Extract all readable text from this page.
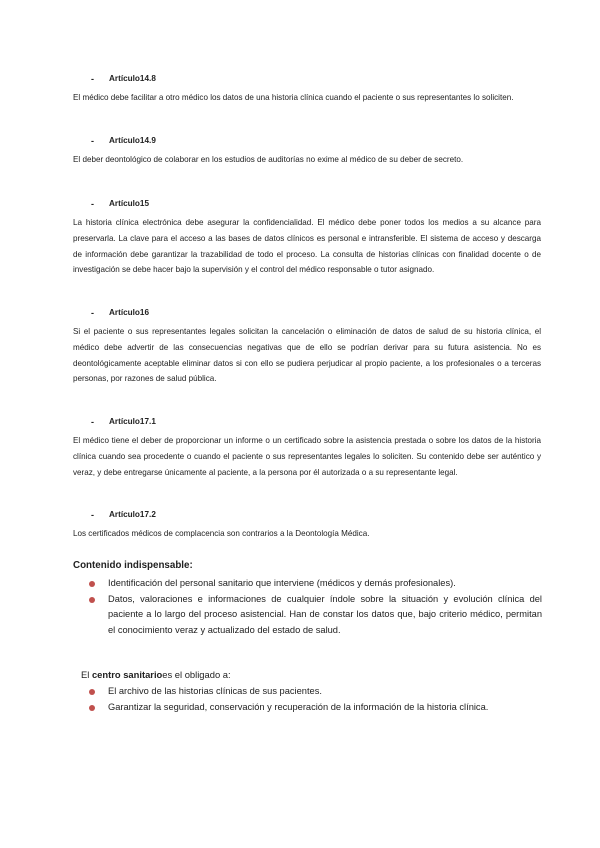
- Artículo14.8

El médico debe facilitar a otro médico los datos de una historia clínica cuando el paciente o sus representantes lo soliciten.

- Artículo14.9

El deber deontológico de colaborar en los estudios de auditorías no exime al médico de su deber de secreto.

- Artículo15

La historia clínica electrónica debe asegurar la confidencialidad. El médico debe poner todos los medios a su alcance para preservarla. La clave para el acceso a las bases de datos clínicos es personal e intransferible. El sistema de acceso y descarga de información debe garantizar la trazabilidad de todo el proceso. La consulta de historias clínicas con finalidad docente o de investigación se debe hacer bajo la supervisión y el control del médico responsable o tutor asignado.

- Artículo16

Si el paciente o sus representantes legales solicitan la cancelación o eliminación de datos de salud de su historia clínica, el médico debe advertir de las consecuencias negativas que de ello se podrían derivar para su futura asistencia. No es deontológicamente aceptable eliminar datos si con ello se pudiera perjudicar al propio paciente, a los profesionales o a terceras personas, por razones de salud pública.

- Artículo17.1

El médico tiene el deber de proporcionar un informe o un certificado sobre la asistencia prestada o sobre los datos de la historia clínica cuando sea procedente o cuando el paciente o sus representantes legales lo soliciten. Su contenido debe ser auténtico y veraz, y debe entregarse únicamente al paciente, a la persona por él autorizada o a su representante legal.

- Artículo17.2

Los certificados médicos de complacencia son contrarios a la Deontología Médica.

Contenido indispensable:
Identificación del personal sanitario que interviene (médicos y demás profesionales).
Datos, valoraciones e informaciones de cualquier índole sobre la situación y evolución clínica del paciente a lo largo del proceso asistencial. Han de constar los datos que, bajo criterio médico, permitan el conocimiento veraz y actualizado del estado de salud.
El centro sanitarioes el obligado a:
El archivo de las historias clínicas de sus pacientes.
Garantizar la seguridad, conservación y recuperación de la información de la historia clínica.
